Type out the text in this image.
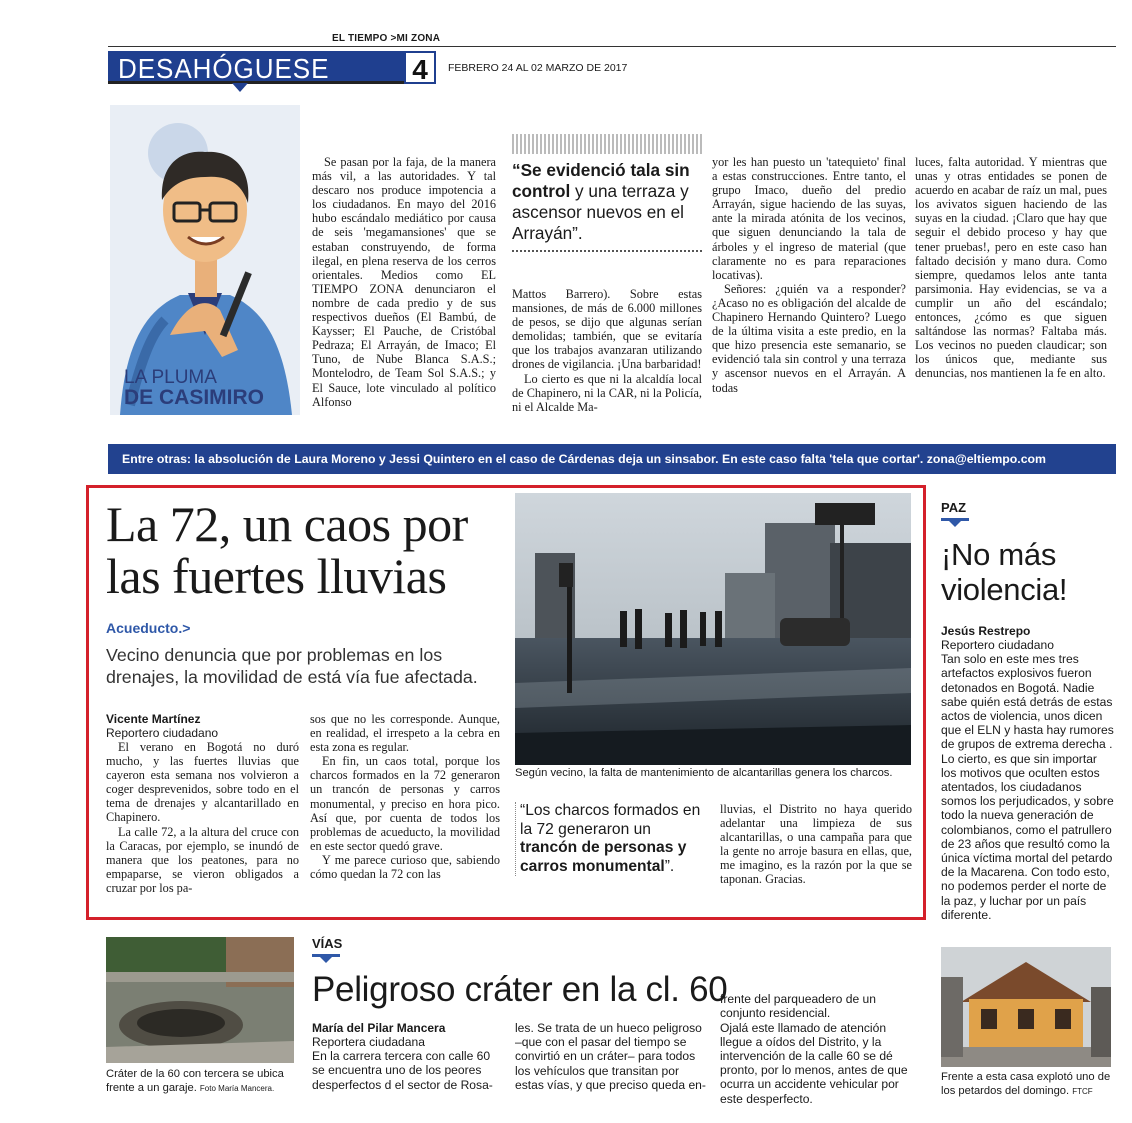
EL TIEMPO >MI ZONA
DESAHÓGUESE	4	FEBRERO 24 AL 02 MARZO DE 2017
LA PLUMA
DE CASIMIRO

Se pasan por la faja, de la manera más vil, a las autoridades. Y tal descaro nos produce impotencia a los ciudadanos. En mayo del 2016 hubo escándalo mediático por causa de seis 'megamansiones' que se estaban construyendo, de forma ilegal, en plena reserva de los cerros orientales. Medios como EL TIEMPO ZONA denunciaron el nombre de cada predio y de sus respectivos dueños (El Bambú, de Kaysser; El Pauche, de Cristóbal Pedraza; El Arrayán, de Imaco; El Tuno, de Nube Blanca S.A.S.; Montelodro, de Team Sol S.A.S.; y El Sauce, lote vinculado al político Alfonso

“Se evidenció tala sin control y una terraza y ascensor nuevos en el Arrayán”.

Mattos Barrero). Sobre estas mansiones, de más de 6.000 millones de pesos, se dijo que algunas serían demolidas; también, que se evitaría que los trabajos avanzaran utilizando drones de vigilancia. ¡Una barbaridad!

Lo cierto es que ni la alcaldía local de Chapinero, ni la CAR, ni la Policía, ni el Alcalde Ma-

yor les han puesto un 'tatequieto' final a estas construcciones. Entre tanto, el grupo Imaco, dueño del predio Arrayán, sigue haciendo de las suyas, ante la mirada atónita de los vecinos, que siguen denunciando la tala de árboles y el ingreso de material (que claramente no es para reparaciones locativas).

Señores: ¿quién va a responder? ¿Acaso no es obligación del alcalde de Chapinero Hernando Quintero? Luego de la última visita a este predio, en la que hizo presencia este semanario, se evidenció tala sin control y una terraza y ascensor nuevos en el Arrayán. A todas

luces, falta autoridad. Y mientras que unas y otras entidades se ponen de acuerdo en acabar de raíz un mal, pues los avivatos siguen haciendo de las suyas en la ciudad. ¡Claro que hay que seguir el debido proceso y hay que tener pruebas!, pero en este caso han faltado decisión y mano dura. Como siempre, quedamos lelos ante tanta parsimonia. Hay evidencias, se va a cumplir un año del escándalo; entonces, ¿cómo es que siguen saltándose las normas? Faltaba más. Los vecinos no pueden claudicar; son los únicos que, mediante sus denuncias, nos mantienen la fe en alto.

Entre otras: la absolución de Laura Moreno y Jessi Quintero en el caso de Cárdenas deja un sinsabor. En este caso falta 'tela que cortar'. zona@eltiempo.com
La 72, un caos por
las fuertes lluvias
Acueducto.>
Vecino denuncia que por problemas en los drenajes, la movilidad de está vía fue afectada.
Vicente Martínez
Reportero ciudadano

El verano en Bogotá no duró mucho, y las fuertes lluvias que cayeron esta semana nos volvieron a coger desprevenidos, sobre todo en el tema de drenajes y alcantarillado en Chapinero.

La calle 72, a la altura del cruce con la Caracas, por ejemplo, se inundó de manera que los peatones, para no empaparse, se vieron obligados a cruzar por los pa-

sos que no les corresponde. Aunque, en realidad, el irrespeto a la cebra en esta zona es regular.

En fin, un caos total, porque los charcos formados en la 72 generaron un trancón de personas y carros monumental, y preciso en hora pico. Así que, por cuenta de todos los problemas de acueducto, la movilidad en este sector quedó grave.

Y me parece curioso que, sabiendo cómo quedan la 72 con las

Según vecino, la falta de mantenimiento de alcantarillas genera los charcos.
“Los charcos formados en la 72 generaron un trancón de personas y carros monumental”.

lluvias, el Distrito no haya querido adelantar una limpieza de sus alcantarillas, o una campaña para que la gente no arroje basura en ellas, que, me imagino, es la razón por la que se taponan. Gracias.

PAZ
¡No más
violencia!
Jesús Restrepo
Reportero ciudadano
Tan solo en este mes tres artefactos explosivos fueron detonados en Bogotá. Nadie sabe quién está detrás de estas actos de violencia, unos dicen que el ELN y hasta hay rumores de grupos de extrema derecha . Lo cierto, es que sin importar los motivos que oculten estos atentados, los ciudadanos somos los perjudicados, y sobre todo la nueva generación de colombianos, como el patrullero de 23 años que resultó como la única víctima mortal del petardo de la Macarena. Con todo esto, no podemos perder el norte de la paz, y luchar por un país diferente.
Frente a esta casa explotó uno de los petardos del domingo. FTCF
Cráter de la 60 con tercera se ubica frente a un garaje. Foto María Mancera.
VÍAS
Peligroso cráter en la cl. 60
María del Pilar Mancera
Reportera ciudadana
En la carrera tercera con calle 60 se encuentra uno de los peores desperfectos d el sector de Rosa-
les. Se trata de un hueco peligroso –que con el pasar del tiempo se convirtió en un cráter– para todos los vehículos que transitan por estas vías, y que preciso queda en-

frente del parqueadero de un conjunto residencial.
Ojalá este llamado de atención llegue a oídos del Distrito, y la intervención de la calle 60 se dé pronto, por lo menos, antes de que ocurra un accidente vehicular por este desperfecto.
